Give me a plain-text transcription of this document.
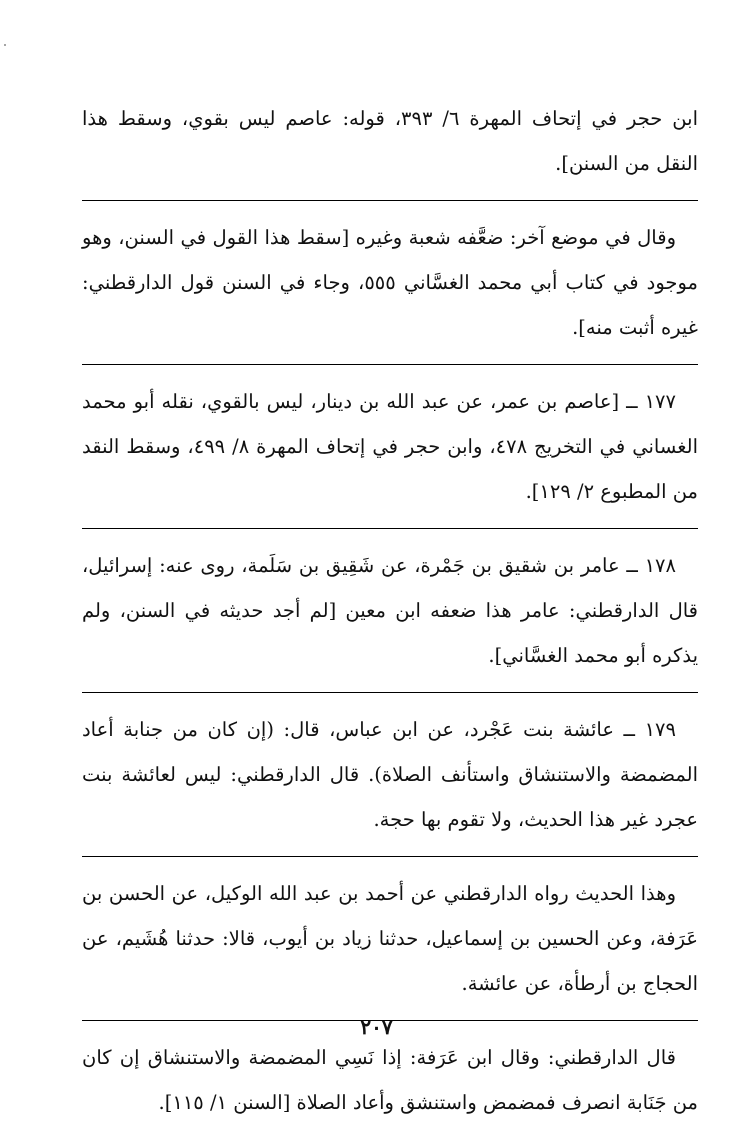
ابن حجر في إتحاف المهرة ٦/ ٣٩٣، قوله: عاصم ليس بقوي، وسقط هذا النقل من السنن].

وقال في موضع آخر: ضعَّفه شعبة وغيره [سقط هذا القول في السنن، وهو موجود في كتاب أبي محمد الغسَّاني ٥٥٥، وجاء في السنن قول الدارقطني: غيره أثبت منه].

١٧٧ ــ [عاصم بن عمر، عن عبد الله بن دينار، ليس بالقوي، نقله أبو محمد الغساني في التخريج ٤٧٨، وابن حجر في إتحاف المهرة ٨/ ٤٩٩، وسقط النقد من المطبوع ٢/ ١٢٩].

١٧٨ ــ عامر بن شقيق بن جَمْرة، عن شَقِيق بن سَلَمة، روى عنه: إسرائيل، قال الدارقطني: عامر هذا ضعفه ابن معين [لم أجد حديثه في السنن، ولم يذكره أبو محمد الغسَّاني].

١٧٩ ــ عائشة بنت عَجْرد، عن ابن عباس، قال: (إن كان من جنابة أعاد المضمضة والاستنشاق واستأنف الصلاة). قال الدارقطني: ليس لعائشة بنت عجرد غير هذا الحديث، ولا تقوم بها حجة.

وهذا الحديث رواه الدارقطني عن أحمد بن عبد الله الوكيل، عن الحسن بن عَرَفة، وعن الحسين بن إسماعيل، حدثنا زياد بن أيوب، قالا: حدثنا هُشَيم، عن الحجاج بن أرطأة، عن عائشة.

قال الدارقطني: وقال ابن عَرَفة: إذا نَسِي المضمضة والاستنشاق إن كان من جَنَابة انصرف فمضمض واستنشق وأعاد الصلاة [السنن ١/ ١١٥].

٢٠٧
